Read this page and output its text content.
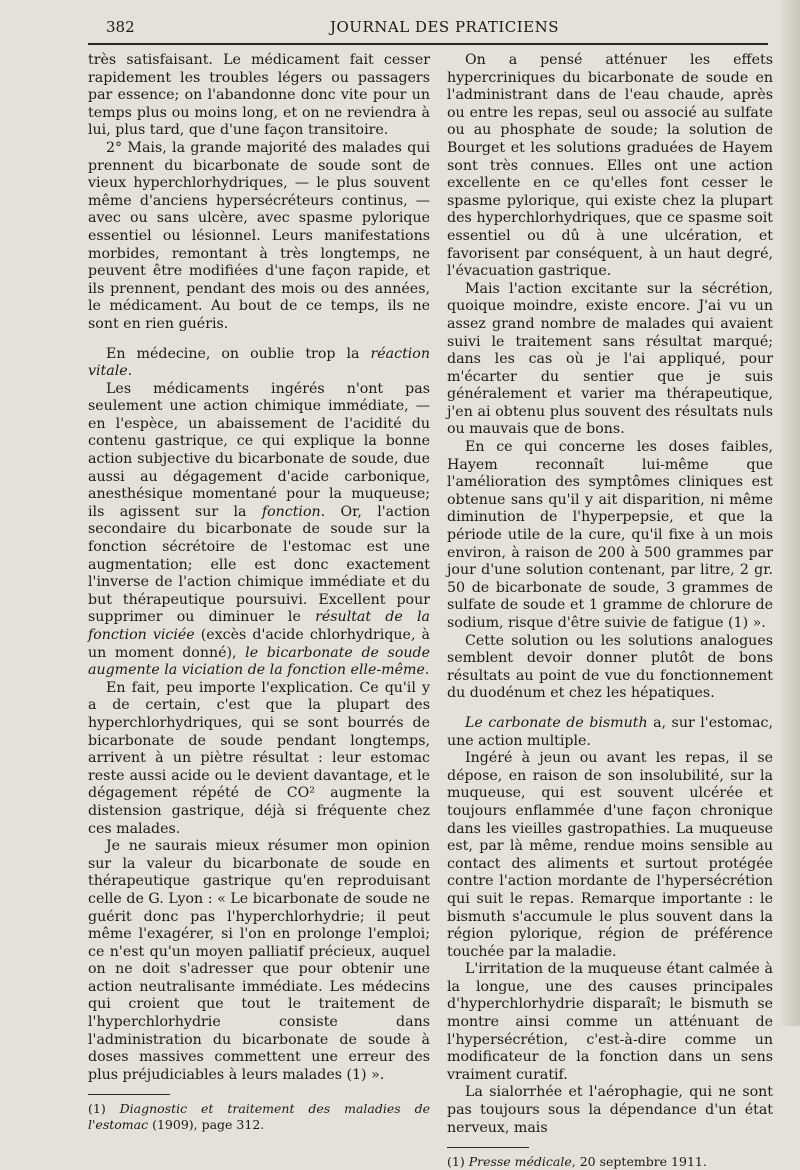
382	JOURNAL DES PRATICIENS

très satisfaisant. Le médicament fait cesser rapidement les troubles légers ou passagers par essence; on l'abandonne donc vite pour un temps plus ou moins long, et on ne reviendra à lui, plus tard, que d'une façon transitoire.

2° Mais, la grande majorité des malades qui prennent du bicarbonate de soude sont de vieux hyperchlorhydriques, — le plus souvent même d'anciens hypersécréteurs continus, — avec ou sans ulcère, avec spasme pylorique essentiel ou lésionnel. Leurs manifestations morbides, remontant à très longtemps, ne peuvent être modifiées d'une façon rapide, et ils prennent, pendant des mois ou des années, le médicament. Au bout de ce temps, ils ne sont en rien guéris.

En médecine, on oublie trop la réaction vitale.

Les médicaments ingérés n'ont pas seulement une action chimique immédiate, — en l'espèce, un abaissement de l'acidité du contenu gastrique, ce qui explique la bonne action subjective du bicarbonate de soude, due aussi au dégagement d'acide carbonique, anesthésique momentané pour la muqueuse; ils agissent sur la fonction. Or, l'action secondaire du bicarbonate de soude sur la fonction sécrétoire de l'estomac est une augmentation; elle est donc exactement l'inverse de l'action chimique immédiate et du but thérapeutique poursuivi. Excellent pour supprimer ou diminuer le résultat de la fonction viciée (excès d'acide chlorhydrique, à un moment donné), le bicarbonate de soude augmente la viciation de la fonction elle-même.

En fait, peu importe l'explication. Ce qu'il y a de certain, c'est que la plupart des hyperchlorhydriques, qui se sont bourrés de bicarbonate de soude pendant longtemps, arrivent à un piètre résultat : leur estomac reste aussi acide ou le devient davantage, et le dégagement répété de CO² augmente la distension gastrique, déjà si fréquente chez ces malades.

Je ne saurais mieux résumer mon opinion sur la valeur du bicarbonate de soude en thérapeutique gastrique qu'en reproduisant celle de G. Lyon : « Le bicarbonate de soude ne guérit donc pas l'hyperchlorhydrie; il peut même l'exagérer, si l'on en prolonge l'emploi; ce n'est qu'un moyen palliatif précieux, auquel on ne doit s'adresser que pour obtenir une action neutralisante immédiate. Les médecins qui croient que tout le traitement de l'hyperchlorhydrie consiste dans l'administration du bicarbonate de soude à doses massives commettent une erreur des plus préjudiciables à leurs malades (1) ».

(1) Diagnostic et traitement des maladies de l'estomac (1909), page 312.

On a pensé atténuer les effets hypercriniques du bicarbonate de soude en l'administrant dans de l'eau chaude, après ou entre les repas, seul ou associé au sulfate ou au phosphate de soude; la solution de Bourget et les solutions graduées de Hayem sont très connues. Elles ont une action excellente en ce qu'elles font cesser le spasme pylorique, qui existe chez la plupart des hyperchlorhydriques, que ce spasme soit essentiel ou dû à une ulcération, et favorisent par conséquent, à un haut degré, l'évacuation gastrique.

Mais l'action excitante sur la sécrétion, quoique moindre, existe encore. J'ai vu un assez grand nombre de malades qui avaient suivi le traitement sans résultat marqué; dans les cas où je l'ai appliqué, pour m'écarter du sentier que je suis généralement et varier ma thérapeutique, j'en ai obtenu plus souvent des résultats nuls ou mauvais que de bons.

En ce qui concerne les doses faibles, Hayem reconnaît lui-même que l'amélioration des symptômes cliniques est obtenue sans qu'il y ait disparition, ni même diminution de l'hyperpepsie, et que la période utile de la cure, qu'il fixe à un mois environ, à raison de 200 à 500 grammes par jour d'une solution contenant, par litre, 2 gr. 50 de bicarbonate de soude, 3 grammes de sulfate de soude et 1 gramme de chlorure de sodium, risque d'être suivie de fatigue (1) ».

Cette solution ou les solutions analogues semblent devoir donner plutôt de bons résultats au point de vue du fonctionnement du duodénum et chez les hépatiques.

Le carbonate de bismuth a, sur l'estomac, une action multiple.

Ingéré à jeun ou avant les repas, il se dépose, en raison de son insolubilité, sur la muqueuse, qui est souvent ulcérée et toujours enflammée d'une façon chronique dans les vieilles gastropathies. La muqueuse est, par là même, rendue moins sensible au contact des aliments et surtout protégée contre l'action mordante de l'hypersécrétion qui suit le repas. Remarque importante : le bismuth s'accumule le plus souvent dans la région pylorique, région de préférence touchée par la maladie.

L'irritation de la muqueuse étant calmée à la longue, une des causes principales d'hyperchlorhydrie disparaît; le bismuth se montre ainsi comme un atténuant de l'hypersécrétion, c'est-à-dire comme un modificateur de la fonction dans un sens vraiment curatif.

La sialorrhée et l'aérophagie, qui ne sont pas toujours sous la dépendance d'un état nerveux, mais

(1) Presse médicale, 20 septembre 1911.
